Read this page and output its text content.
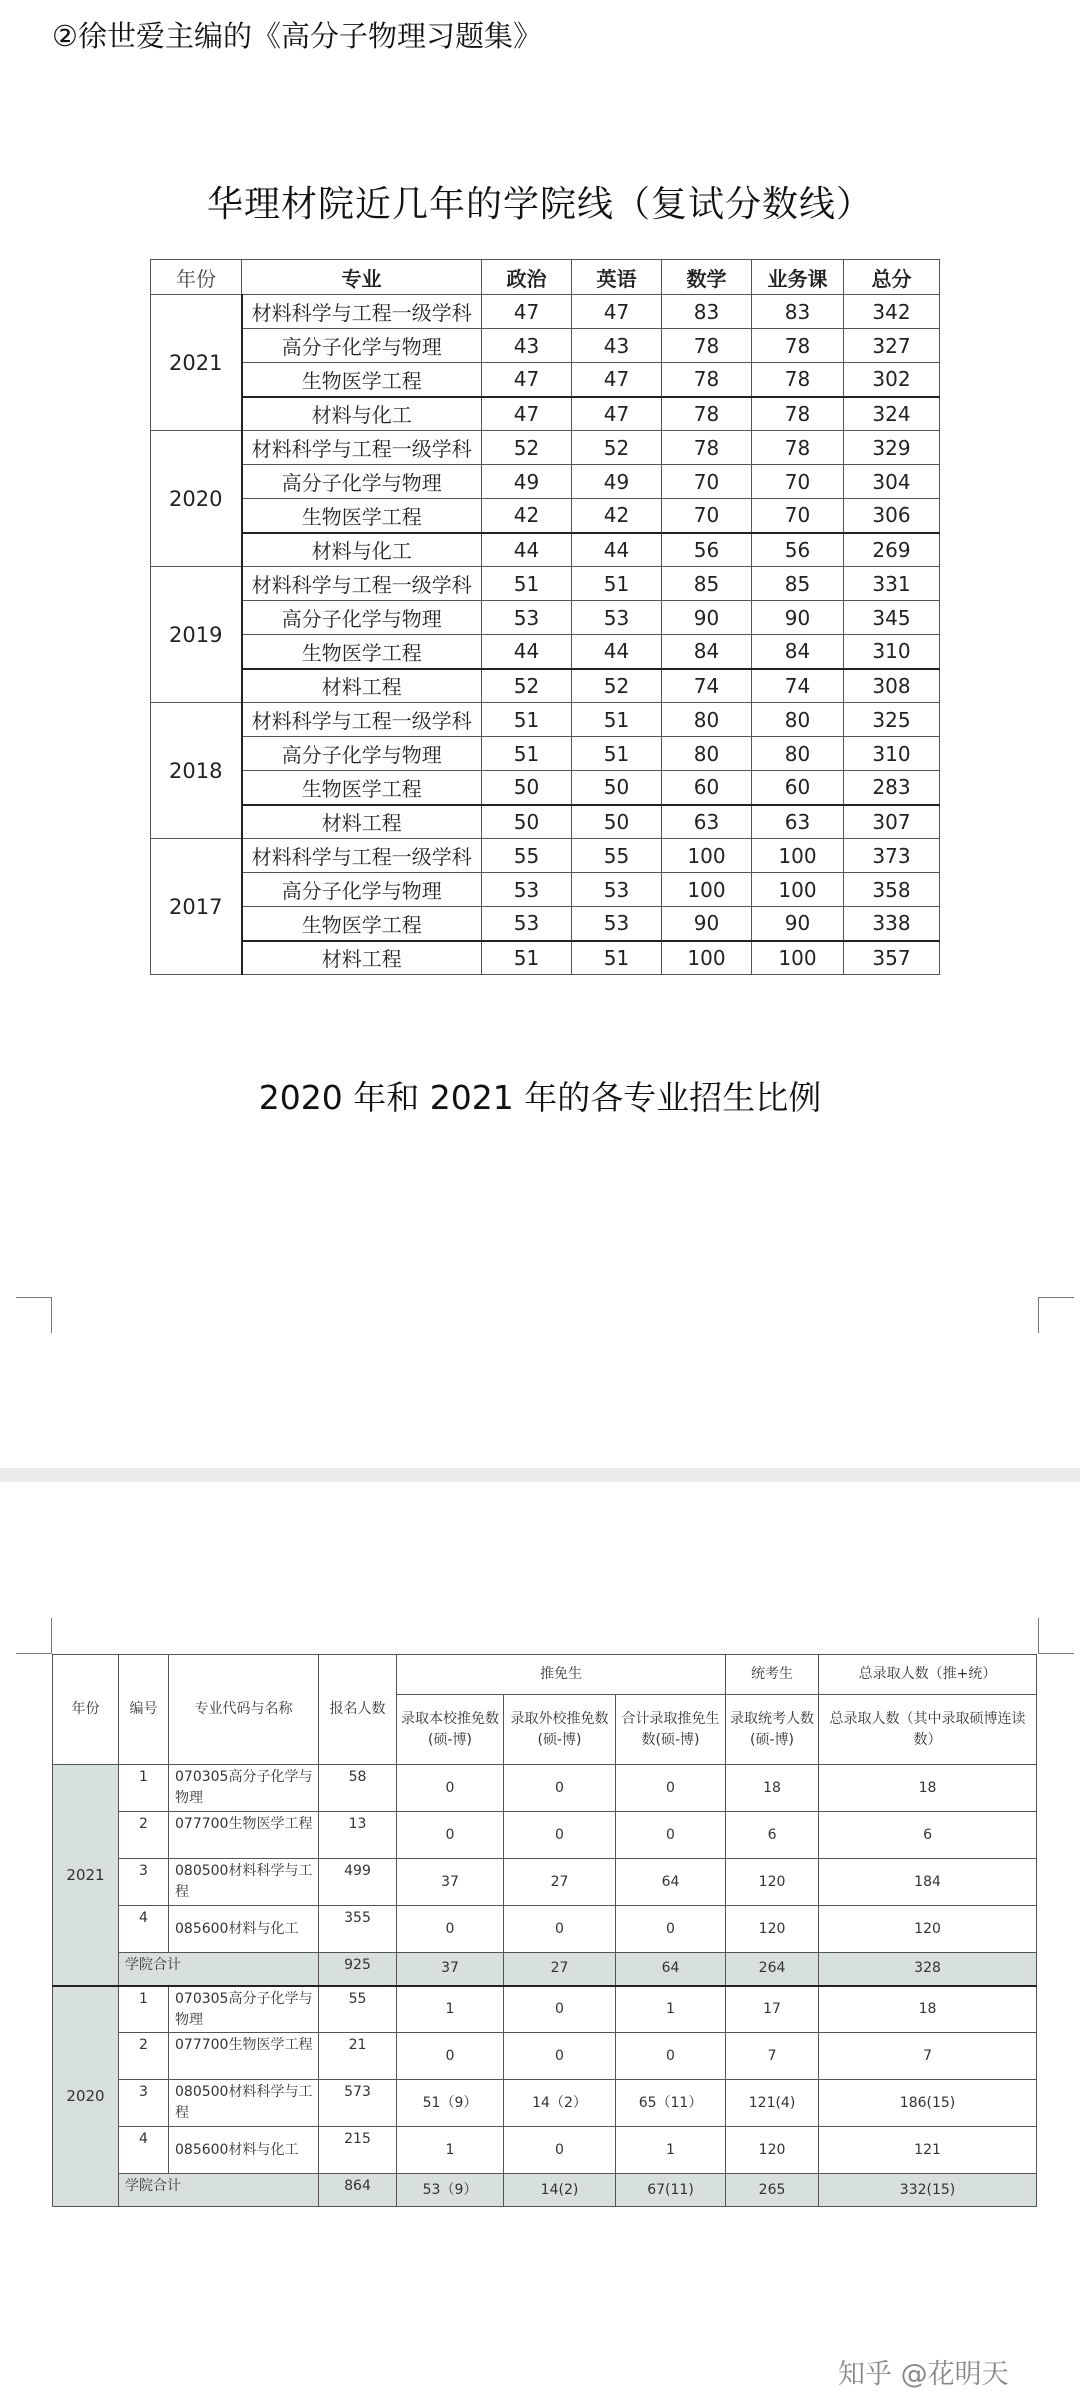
②徐世爱主编的《高分子物理习题集》
华理材院近几年的学院线（复试分数线）
年份	专业	政治	英语	数学	业务课	总分
2021	材料科学与工程一级学科	47	47	83	83	342
	高分子化学与物理	43	43	78	78	327
	生物医学工程	47	47	78	78	302
	材料与化工	47	47	78	78	324
2020	材料科学与工程一级学科	52	52	78	78	329
	高分子化学与物理	49	49	70	70	304
	生物医学工程	42	42	70	70	306
	材料与化工	44	44	56	56	269
2019	材料科学与工程一级学科	51	51	85	85	331
	高分子化学与物理	53	53	90	90	345
	生物医学工程	44	44	84	84	310
	材料工程	52	52	74	74	308
2018	材料科学与工程一级学科	51	51	80	80	325
	高分子化学与物理	51	51	80	80	310
	生物医学工程	50	50	60	60	283
	材料工程	50	50	63	63	307
2017	材料科学与工程一级学科	55	55	100	100	373
	高分子化学与物理	53	53	100	100	358
	生物医学工程	53	53	90	90	338
	材料工程	51	51	100	100	357
2020 年和 2021 年的各专业招生比例
年份	编号	专业代码与名称	报名人数	推免生			统考生	总录取人数（推+统）
				录取本校推免数(硕-博)	录取外校推免数(硕-博)	合计录取推免生数(硕-博)	录取统考人数(硕-博)	总录取人数（其中录取硕博连读数）
2021	1	070305高分子化学与物理	58	0	0	0	18	18
	2	077700生物医学工程	13	0	0	0	6	6
	3	080500材料科学与工程	499	37	27	64	120	184
	4	085600材料与化工	355	0	0	0	120	120
	学院合计		925	37	27	64	264	328
2020	1	070305高分子化学与物理	55	1	0	1	17	18
	2	077700生物医学工程	21	0	0	0	7	7
	3	080500材料科学与工程	573	51（9）	14（2）	65（11）	121(4)	186(15)
	4	085600材料与化工	215	1	0	1	120	121
	学院合计		864	53（9）	14(2)	67(11)	265	332(15)
知乎 @花明天
